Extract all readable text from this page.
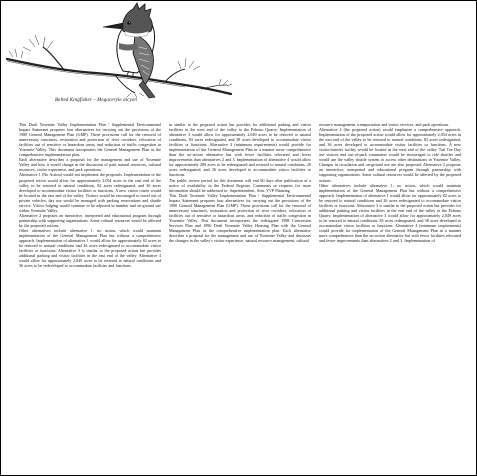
Belted Kingfisher – Megaceryle alcyon
This Draft Yosemite Valley Implementation Plan / Supplemental Environmental Impact Statement proposes four alternatives for carrying out the provisions of the 1980 General Management Plan (GMP). These provisions call for the removal of unnecessary structures, restoration and protection of river corridors, relocation of facilities out of sensitive or hazardous areas, and reduction of traffic congestion in Yosemite Valley. This document incorporates the General Management Plan as the comprehensive implementation plan.
Each alternative describes a proposal for the management and use of Yosemite Valley and how it would change in the discussion of park natural resources, cultural resources, visitor experience, and park operations.
Alternative 1 (No Action) would not implement the proposals. Implementation of the proposed action would allow for approximately 2,054 acres in the east end of the valley to be restored to natural conditions, 82 acres redesignated, and 36 acres developed to accommodate visitor facilities or functions. A new visitor center would be located in the east end of the valley. Visitors would be encouraged to travel out of private vehicles; day use would be managed with parking reservations and shuttle service. Visitor lodging would continue to be adjusted in number and on-ground use within Yosemite Valley.
Alternative 2 proposes an interactive, interpreted and educational program through partnership with supporting organizations. Some cultural resources would be affected by the proposed actions.
Other alternatives include alternative 1, no action, which would maintain implementation of the General Management Plan but without a comprehensive approach. Implementation of alternative 1 would allow for approximately 82 acres to be restored to natural conditions and 26 acres redesignated to accommodate visitor facilities or functions. Alternative 3 is similar to the proposed action but provides additional parking and visitor facilities in the east end of the valley. Alternative 4 would allow for approximately 2,049 acres to be restored to natural conditions and 36 acres to be redeveloped to accommodate facilities and functions.
in similar to the proposed action but provides for additional parking and visitor facilities in the west end of the valley to the Pohono Quarry. Implementation of alternative 3 would allow for approximately 2,049 acres to be restored to natural conditions, 83 acres redesignated, and 38 acres developed to accommodate visitor facilities or functions. Alternative 4 (minimum requirements) would provide for implementation of the General Management Plan in a manner more comprehensive than the no-action alternative but with fewer facilities relocated and fewer improvements than alternatives 2 and 3. Implementation of alternative 4 would allow for approximately 289 acres to be redesignated and restored to natural conditions, 26 acres redesignated, and 36 acres developed to accommodate visitor facilities or functions.
The public review period for this document will end 60 days after publication of a notice of availability in the Federal Register. Comments or requests for more information should be addressed to: Superintendent, Attn: YVP Planning
This Draft Yosemite Valley Implementation Plan / Supplemental Environmental Impact Statement proposes four alternatives for carrying out the provisions of the 1980 General Management Plan (GMP). These provisions call for the removal of unnecessary structures, restoration and protection of river corridors, relocation of facilities out of sensitive or hazardous areas, and reduction of traffic congestion in Yosemite Valley. This document incorporates the redesigned 1998 Concession Services Plan and 1996 Draft Yosemite Valley Housing Plan with the General Management Plan as the comprehensive implementation plan. Each alternative describes a proposal for the management and use of Yosemite Valley and discusses the changes in the valley's visitor experience, natural resource management, cultural
resource management, transportation and visitor services, and park operations.
Alternative 2 (the proposed action) would emphasize a comprehensive approach. Implementation of the proposed action would allow for approximately 2,054 acres in the east end of the valley to be restored to natural conditions, 82 acres redesignated, and 36 acres developed to accommodate visitor facilities or functions. A new visitor/transfer facility would be located in the west end of the valley. Taft Toe Day use visitors and out-of-park commuters would be encouraged to ride shuttles and would use the valley shuttle system to access other destinations in Yosemite Valley. Changes in circulation and on-ground use are also proposed. Alternative 2 proposes an interactive, interpreted and educational program through partnership with supporting organizations. Some cultural resources would be affected by the proposed actions.
Other alternatives include alternative 1, no action, which would maintain implementation of the General Management Plan but without a comprehensive approach. Implementation of alternative 1 would allow for approximately 82 acres to be restored to natural conditions and 26 acres redesignated to accommodate visitor facilities or functions. Alternative 3 is similar to the proposed action but provides for additional parking and visitor facilities in the east end of the valley to the Pohono Quarry. Implementation of alternative 3 would allow for approximately 2,049 acres to be restored to natural conditions, 83 acres redesignated, and 38 acres developed to accommodate visitor facilities or functions. Alternative 4 (minimum requirements) would provide for implementation of the General Management Plan in a manner more comprehensive than the no-action alternative but with fewer facilities relocated and fewer improvements than alternatives 2 and 3. Implementation of
